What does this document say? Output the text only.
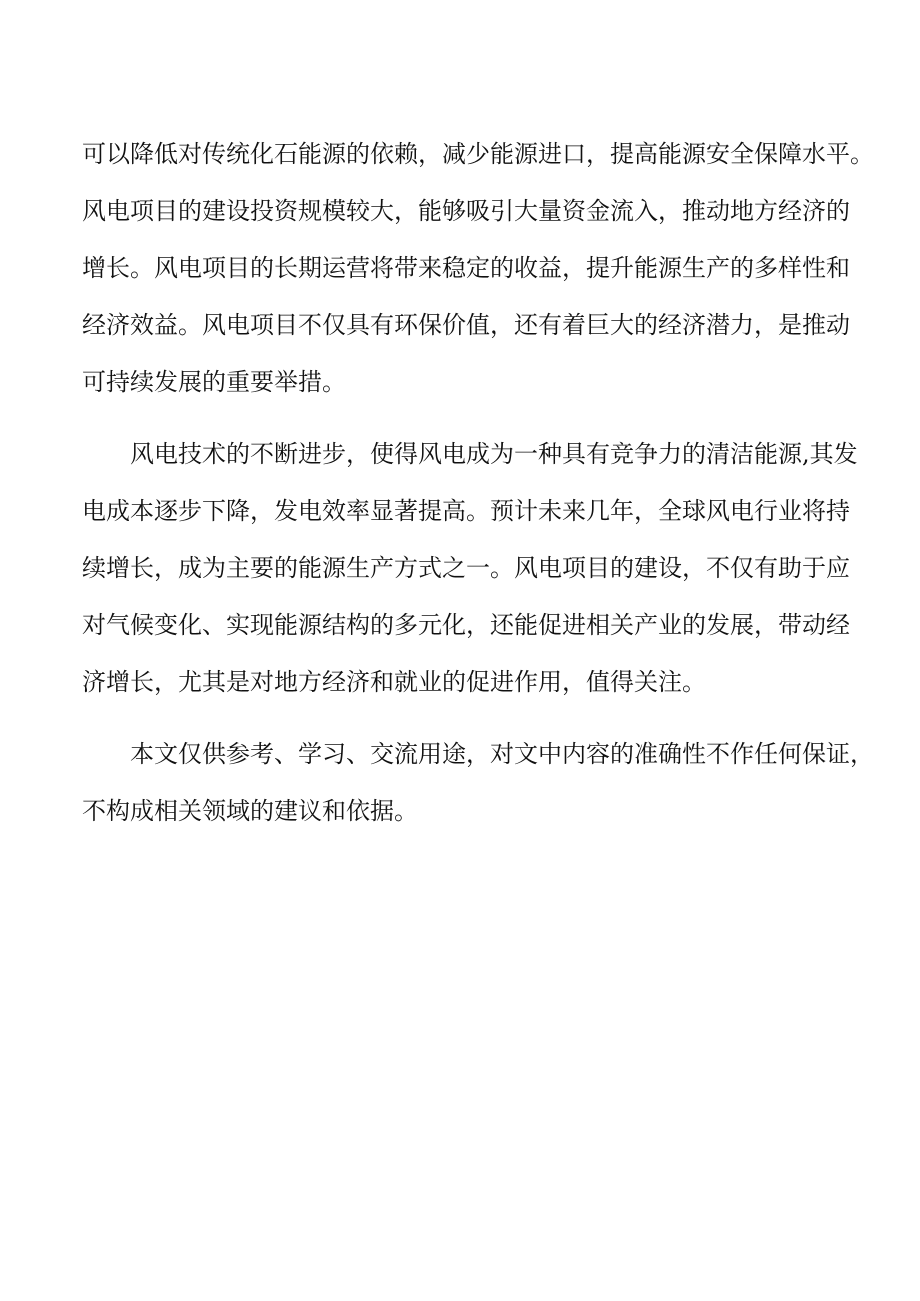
可以降低对传统化石能源的依赖，减少能源进口，提高能源安全保障水平。
风电项目的建设投资规模较大，能够吸引大量资金流入，推动地方经济的
增长。风电项目的长期运营将带来稳定的收益，提升能源生产的多样性和
经济效益。风电项目不仅具有环保价值，还有着巨大的经济潜力，是推动
可持续发展的重要举措。

风电技术的不断进步，使得风电成为一种具有竞争力的清洁能源,其发
电成本逐步下降，发电效率显著提高。预计未来几年，全球风电行业将持
续增长，成为主要的能源生产方式之一。风电项目的建设，不仅有助于应
对气候变化、实现能源结构的多元化，还能促进相关产业的发展，带动经
济增长，尤其是对地方经济和就业的促进作用，值得关注。

本文仅供参考、学习、交流用途，对文中内容的准确性不作任何保证，
不构成相关领域的建议和依据。
